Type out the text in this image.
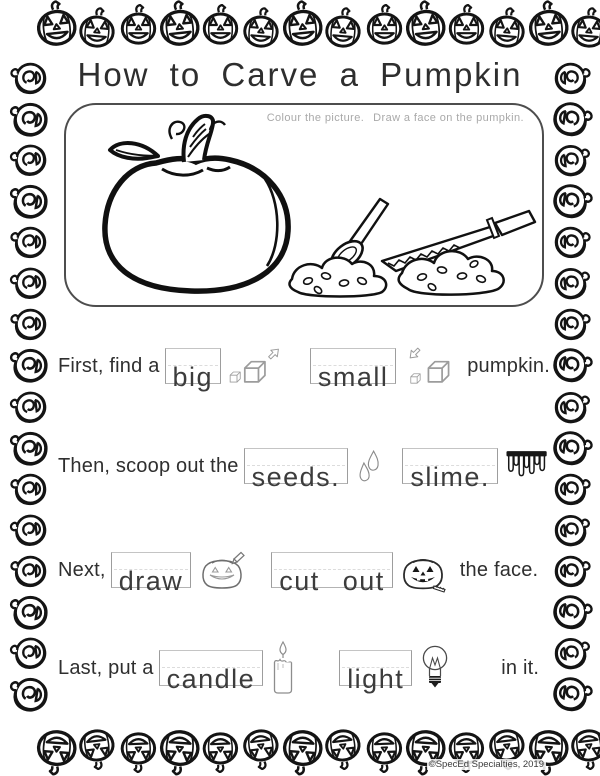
How to Carve a Pumpkin
Colour the picture. Draw a face on the pumpkin.
First, find a big	small	pumpkin.
Then, scoop out the seeds.	slime.
Next, draw	cut out	the face.
Last, put a candle	light	in it.
©SpecEd Specialties, 2019
